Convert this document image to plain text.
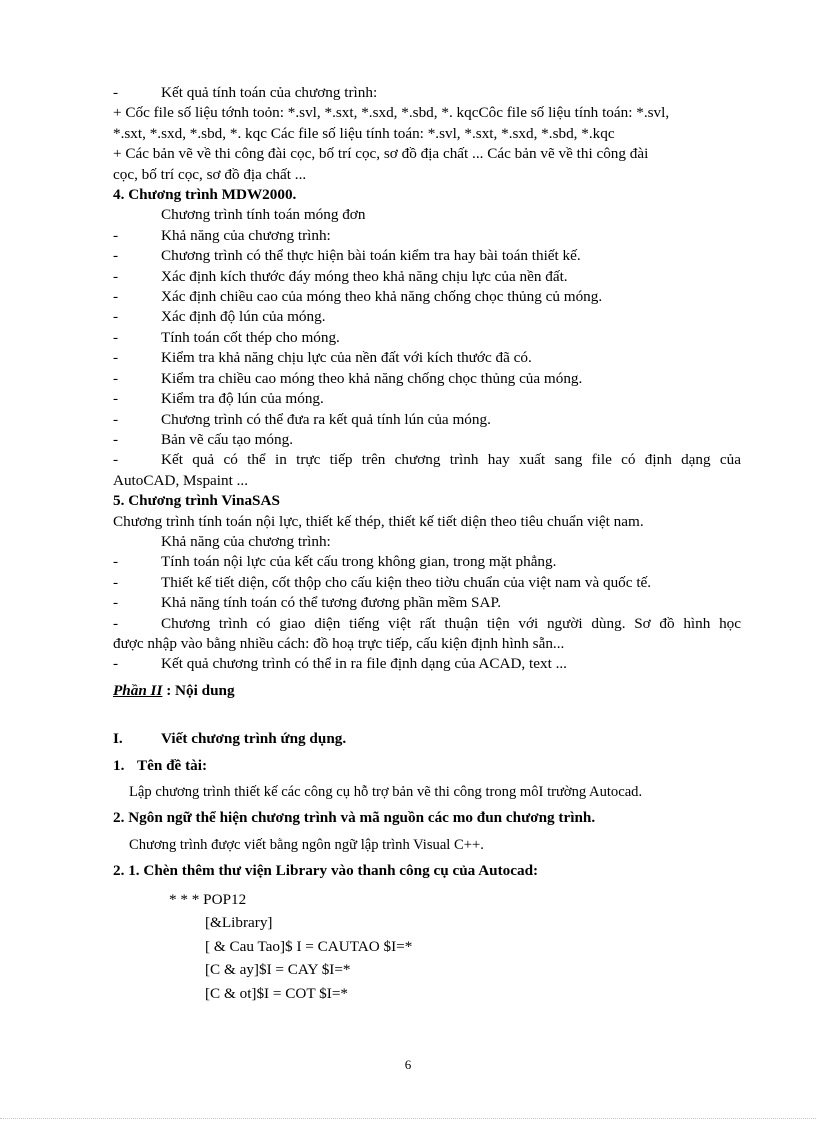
-	Kết quả tính toán của chương trình:
+ Cốc file số liệu tớnh toỏn: *.svl, *.sxt, *.sxd, *.sbd, *. kqcCôc file số liệu tính toán: *.svl,
*.sxt, *.sxd, *.sbd, *. kqc Các file số liệu tính toán: *.svl, *.sxt, *.sxd, *.sbd, *.kqc
+ Các bản vẽ về thi công đài cọc, bố trí cọc, sơ đồ địa chất ... Các bản vẽ về thi công đài
cọc, bố trí cọc, sơ đồ địa chất ...
4. Chương trình MDW2000.
Chương trình tính toán móng đơn
-	Khả năng của chương trình:
-	Chương trình có thể thực hiện bài toán kiểm tra hay bài toán thiết kế.
-	Xác định kích thước đáy móng theo khả năng chịu lực của nền đất.
-	Xác định chiều cao của móng theo khả năng chống chọc thủng củ móng.
-	Xác định độ lún của móng.
-	Tính toán cốt thép cho móng.
-	Kiểm tra khả năng chịu lực của nền đất với kích thước đã có.
-	Kiểm tra chiều cao móng theo khả năng chống chọc thủng của móng.
-	Kiểm tra độ lún của móng.
-	Chương trình có thể đưa ra kết quả tính lún của móng.
-	Bản vẽ cấu tạo móng.
-	Kết quả có thể in trực tiếp trên chương trình hay xuất sang file có định dạng của
AutoCAD, Mspaint ...
5. Chương trình VinaSAS
Chương trình tính toán nội lực, thiết kế thép, thiết kế tiết diện theo tiêu chuẩn việt nam.
Khả năng của chương trình:
-	Tính toán nội lực của kết cấu trong không gian, trong mặt phẳng.
-	Thiết kế tiết diện, cốt thộp cho cấu kiện theo tiờu chuẩn của việt nam và quốc tế.
-	Khả năng tính toán có thể tương đương phần mềm SAP.
-	Chương trình có giao diện tiếng việt rất thuận tiện với người dùng. Sơ đồ hình học
được nhập vào bằng nhiều cách: đồ hoạ trực tiếp, cấu kiện định hình sẵn...
-	Kết quả chương trình có thể in ra file định dạng của ACAD, text ...
Phần II : Nội dung
I.	Viết chương trình ứng dụng.
1. Tên đề tài:
Lập chương trình thiết kế các công cụ hỗ trợ bản vẽ thi công trong môI trường Autocad.
2. Ngôn ngữ thể hiện chương trình và mã nguồn các mo đun chương trình.
Chương trình được viết bằng ngôn ngữ lập trình Visual C++.
2. 1. Chèn thêm thư viện Library vào thanh công cụ của Autocad:
* * * POP12
[&Library]
[ & Cau Tao]$ I = CAUTAO $I=*
[C & ay]$I = CAY $I=*
[C & ot]$I = COT $I=*
6
